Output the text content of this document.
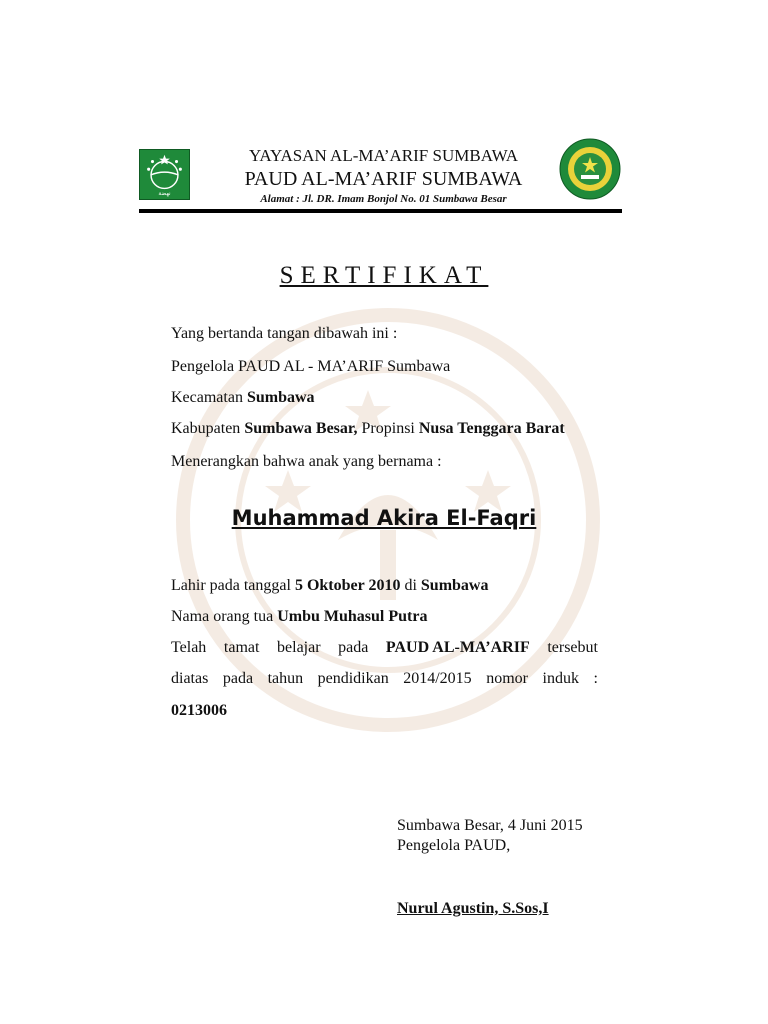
نهضة
YAYASAN AL-MA’ARIF SUMBAWA
PAUD AL-MA’ARIF SUMBAWA
Alamat : Jl. DR. Imam Bonjol No. 01 Sumbawa Besar
SERTIFIKAT
Yang bertanda tangan dibawah ini :
Pengelola PAUD AL - MA’ARIF Sumbawa
Kecamatan Sumbawa
Kabupaten Sumbawa Besar, Propinsi Nusa Tenggara Barat
Menerangkan bahwa anak yang bernama :
Muhammad Akira El-Faqri
Lahir pada tanggal 5 Oktober 2010 di Sumbawa
Nama orang tua Umbu Muhasul Putra
Telah tamat belajar pada PAUD AL-MA’ARIF tersebut
diatas pada tahun pendidikan 2014/2015 nomor induk :
0213006
Sumbawa Besar, 4 Juni 2015
Pengelola PAUD,
Nurul Agustin, S.Sos,I
